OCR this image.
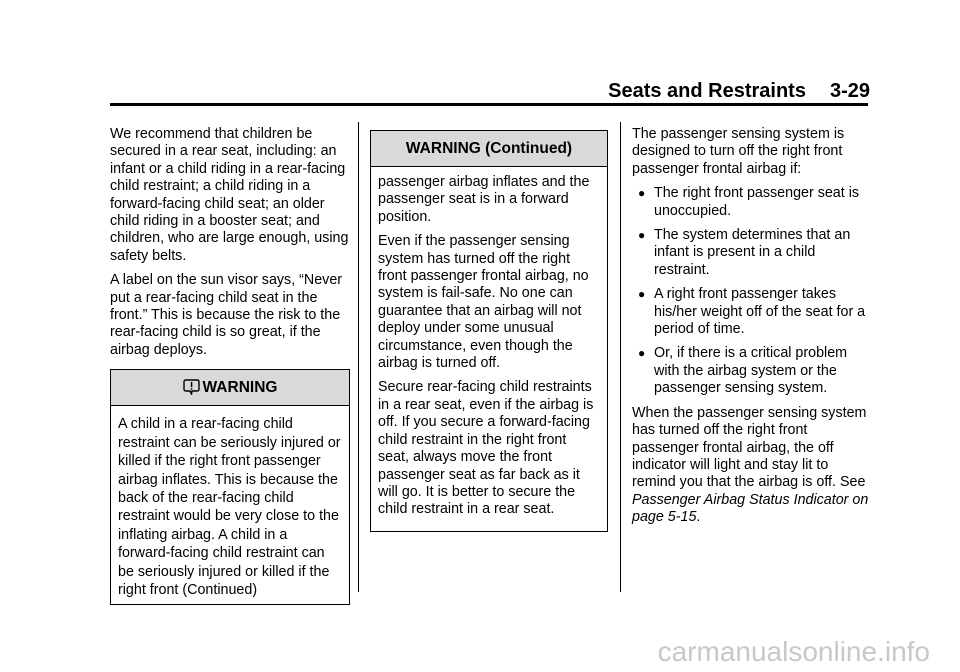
Seats and Restraints 3-29

We recommend that children be secured in a rear seat, including: an infant or a child riding in a rear-facing child restraint; a child riding in a forward-facing child seat; an older child riding in a booster seat; and children, who are large enough, using safety belts.

A label on the sun visor says, “Never put a rear-facing child seat in the front.” This is because the risk to the rear-facing child is so great, if the airbag deploys.

WARNING
A child in a rear-facing child restraint can be seriously injured or killed if the right front passenger airbag inflates. This is because the back of the rear-facing child restraint would be very close to the inflating airbag. A child in a forward-facing child restraint can be seriously injured or killed if the right front (Continued)
WARNING (Continued)

passenger airbag inflates and the passenger seat is in a forward position.

Even if the passenger sensing system has turned off the right front passenger frontal airbag, no system is fail-safe. No one can guarantee that an airbag will not deploy under some unusual circumstance, even though the airbag is turned off.

Secure rear-facing child restraints in a rear seat, even if the airbag is off. If you secure a forward-facing child restraint in the right front seat, always move the front passenger seat as far back as it will go. It is better to secure the child restraint in a rear seat.

The passenger sensing system is designed to turn off the right front passenger frontal airbag if:

● The right front passenger seat is unoccupied.
● The system determines that an infant is present in a child restraint.
● A right front passenger takes his/her weight off of the seat for a period of time.
● Or, if there is a critical problem with the airbag system or the passenger sensing system.

When the passenger sensing system has turned off the right front passenger frontal airbag, the off indicator will light and stay lit to remind you that the airbag is off. See Passenger Airbag Status Indicator on page 5-15.

carmanualsonline.info
